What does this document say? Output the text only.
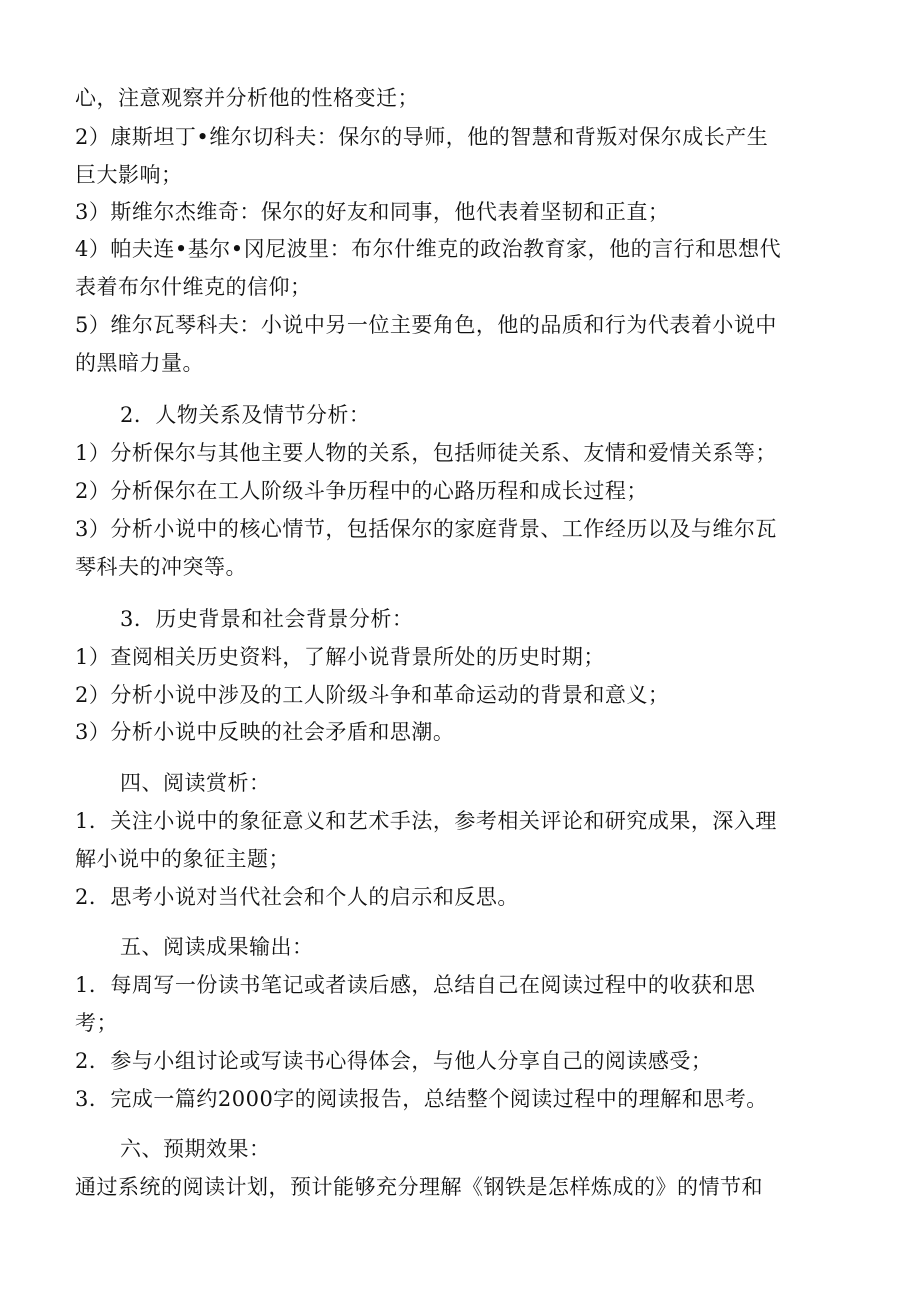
心，注意观察并分析他的性格变迁；
2）康斯坦丁•维尔切科夫：保尔的导师，他的智慧和背叛对保尔成长产生
巨大影响；
3）斯维尔杰维奇：保尔的好友和同事，他代表着坚韧和正直；
4）帕夫连•基尔•冈尼波里：布尔什维克的政治教育家，他的言行和思想代
表着布尔什维克的信仰；
5）维尔瓦琴科夫：小说中另一位主要角色，他的品质和行为代表着小说中
的黑暗力量。
2．人物关系及情节分析：
1）分析保尔与其他主要人物的关系，包括师徒关系、友情和爱情关系等；
2）分析保尔在工人阶级斗争历程中的心路历程和成长过程；
3）分析小说中的核心情节，包括保尔的家庭背景、工作经历以及与维尔瓦
琴科夫的冲突等。
3．历史背景和社会背景分析：
1）查阅相关历史资料，了解小说背景所处的历史时期；
2）分析小说中涉及的工人阶级斗争和革命运动的背景和意义；
3）分析小说中反映的社会矛盾和思潮。
四、阅读赏析：
1．关注小说中的象征意义和艺术手法，参考相关评论和研究成果，深入理
解小说中的象征主题；
2．思考小说对当代社会和个人的启示和反思。
五、阅读成果输出：
1．每周写一份读书笔记或者读后感，总结自己在阅读过程中的收获和思
考；
2．参与小组讨论或写读书心得体会，与他人分享自己的阅读感受；
3．完成一篇约2000字的阅读报告，总结整个阅读过程中的理解和思考。
六、预期效果：
通过系统的阅读计划，预计能够充分理解《钢铁是怎样炼成的》的情节和
